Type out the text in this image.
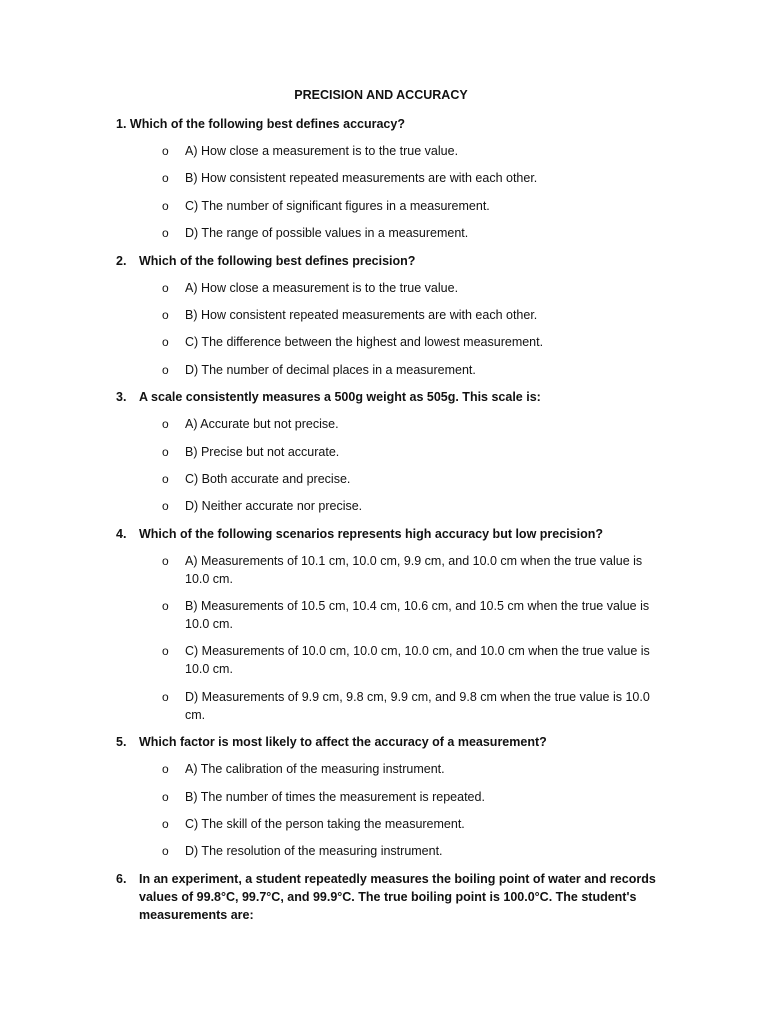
PRECISION AND ACCURACY
1. Which of the following best defines accuracy?
o A) How close a measurement is to the true value.
o B) How consistent repeated measurements are with each other.
o C) The number of significant figures in a measurement.
o D) The range of possible values in a measurement.
2.	Which of the following best defines precision?
o A) How close a measurement is to the true value.
o B) How consistent repeated measurements are with each other.
o C) The difference between the highest and lowest measurement.
o D) The number of decimal places in a measurement.
3.	A scale consistently measures a 500g weight as 505g. This scale is:
o A) Accurate but not precise.
o B) Precise but not accurate.
o C) Both accurate and precise.
o D) Neither accurate nor precise.
4.	Which of the following scenarios represents high accuracy but low precision?
o A) Measurements of 10.1 cm, 10.0 cm, 9.9 cm, and 10.0 cm when the true value is 10.0 cm.
o B) Measurements of 10.5 cm, 10.4 cm, 10.6 cm, and 10.5 cm when the true value is 10.0 cm.
o C) Measurements of 10.0 cm, 10.0 cm, 10.0 cm, and 10.0 cm when the true value is 10.0 cm.
o D) Measurements of 9.9 cm, 9.8 cm, 9.9 cm, and 9.8 cm when the true value is 10.0 cm.
5.	Which factor is most likely to affect the accuracy of a measurement?
o A) The calibration of the measuring instrument.
o B) The number of times the measurement is repeated.
o C) The skill of the person taking the measurement.
o D) The resolution of the measuring instrument.
6.	In an experiment, a student repeatedly measures the boiling point of water and records values of 99.8°C, 99.7°C, and 99.9°C. The true boiling point is 100.0°C. The student's measurements are:
